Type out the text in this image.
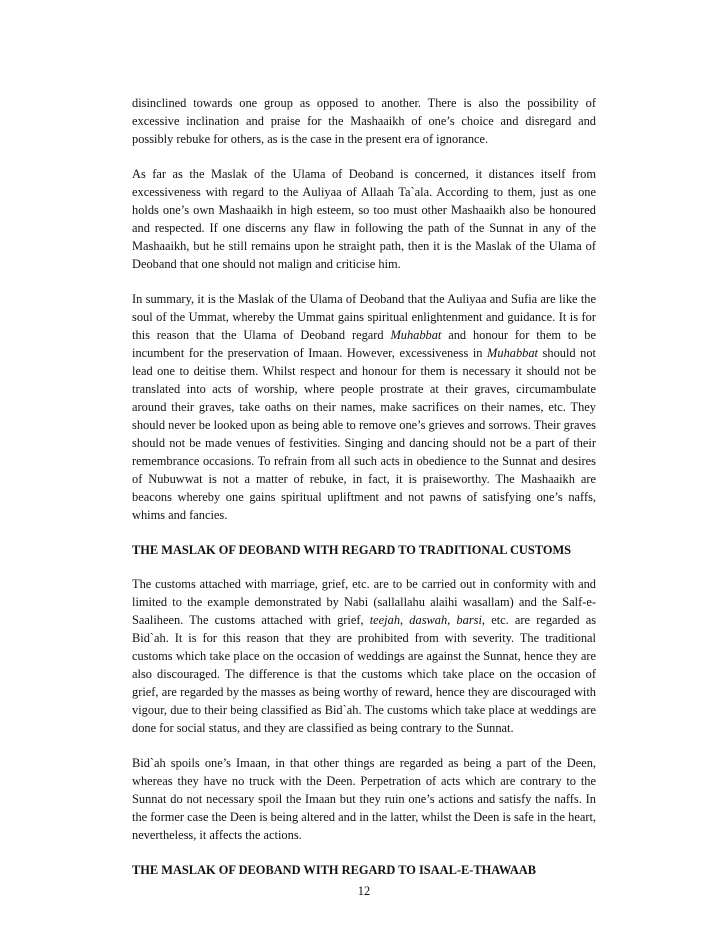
disinclined towards one group as opposed to another. There is also the possibility of excessive inclination and praise for the Mashaaikh of one’s choice and disregard and possibly rebuke for others, as is the case in the present era of ignorance.

As far as the Maslak of the Ulama of Deoband is concerned, it distances itself from excessiveness with regard to the Auliyaa of Allaah Ta`ala. According to them, just as one holds one’s own Mashaaikh in high esteem, so too must other Mashaaikh also be honoured and respected. If one discerns any flaw in following the path of the Sunnat in any of the Mashaaikh, but he still remains upon he straight path, then it is the Maslak of the Ulama of Deoband that one should not malign and criticise him.

In summary, it is the Maslak of the Ulama of Deoband that the Auliyaa and Sufia are like the soul of the Ummat, whereby the Ummat gains spiritual enlightenment and guidance. It is for this reason that the Ulama of Deoband regard Muhabbat and honour for them to be incumbent for the preservation of Imaan. However, excessiveness in Muhabbat should not lead one to deitise them. Whilst respect and honour for them is necessary it should not be translated into acts of worship, where people prostrate at their graves, circumambulate around their graves, take oaths on their names, make sacrifices on their names, etc. They should never be looked upon as being able to remove one’s grieves and sorrows. Their graves should not be made venues of festivities. Singing and dancing should not be a part of their remembrance occasions. To refrain from all such acts in obedience to the Sunnat and desires of Nubuwwat is not a matter of rebuke, in fact, it is praiseworthy. The Mashaaikh are beacons whereby one gains spiritual upliftment and not pawns of satisfying one’s naffs, whims and fancies.

THE MASLAK OF DEOBAND WITH REGARD TO TRADITIONAL CUSTOMS

The customs attached with marriage, grief, etc. are to be carried out in conformity with and limited to the example demonstrated by Nabi (sallallahu alaihi wasallam) and the Salf-e-Saaliheen. The customs attached with grief, teejah, daswah, barsi, etc. are regarded as Bid`ah. It is for this reason that they are prohibited from with severity. The traditional customs which take place on the occasion of weddings are against the Sunnat, hence they are also discouraged. The difference is that the customs which take place on the occasion of grief, are regarded by the masses as being worthy of reward, hence they are discouraged with vigour, due to their being classified as Bid`ah. The customs which take place at weddings are done for social status, and they are classified as being contrary to the Sunnat.

Bid`ah spoils one’s Imaan, in that other things are regarded as being a part of the Deen, whereas they have no truck with the Deen. Perpetration of acts which are contrary to the Sunnat do not necessary spoil the Imaan but they ruin one’s actions and satisfy the naffs. In the former case the Deen is being altered and in the latter, whilst the Deen is safe in the heart, nevertheless, it affects the actions.

THE MASLAK OF DEOBAND WITH REGARD TO ISAAL-E-THAWAAB

12
